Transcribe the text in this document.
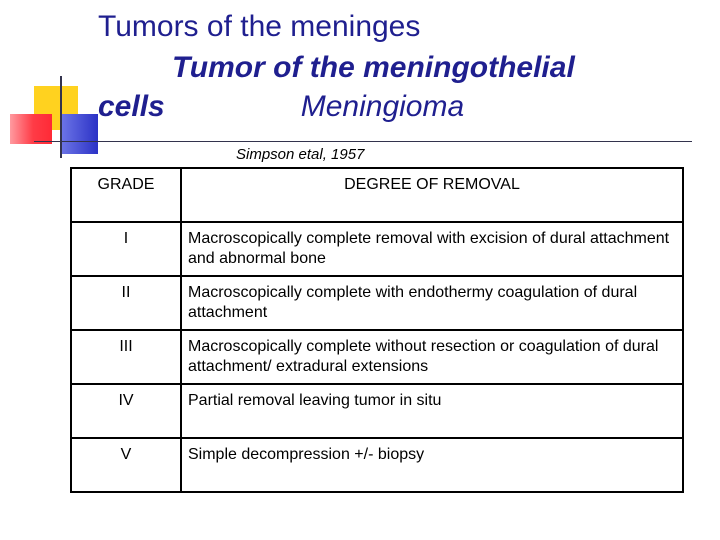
Tumors of the meninges
Tumor of the meningothelial
cells	Meningioma
Simpson etal, 1957
GRADE	DEGREE OF REMOVAL
I	Macroscopically complete removal with excision of dural attachment and abnormal bone
II	Macroscopically complete with endothermy coagulation of dural attachment
III	Macroscopically complete without resection or coagulation of dural attachment/ extradural extensions
IV	Partial removal leaving tumor in situ
V	Simple decompression +/- biopsy
